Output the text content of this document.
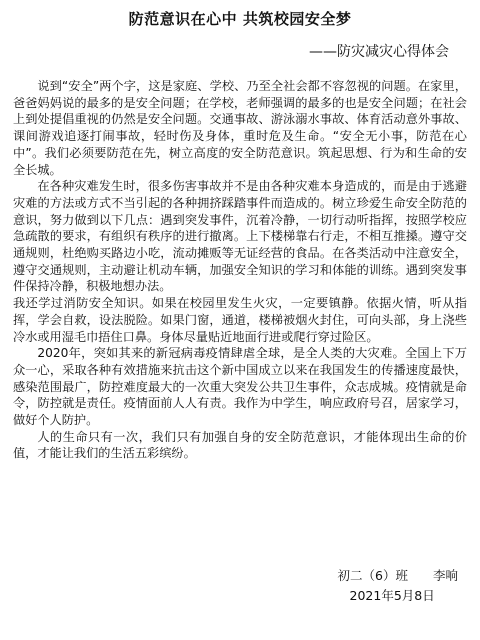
防范意识在心中 共筑校园安全梦
——防灾减灾心得体会

说到“安全”两个字，这是家庭、学校、乃至全社会都不容忽视的问题。在家里，爸爸妈妈说的最多的是安全问题；在学校，老师强调的最多的也是安全问题；在社会上到处提倡重视的仍然是安全问题。交通事故、游泳溺水事故、体育活动意外事故、课间游戏追逐打闹事故，轻时伤及身体，重时危及生命。“安全无小事，防范在心中”。我们必须要防范在先，树立高度的安全防范意识。筑起思想、行为和生命的安全长城。

在各种灾难发生时，很多伤害事故并不是由各种灾难本身造成的，而是由于逃避灾难的方法或方式不当引起的各种拥挤踩踏事件而造成的。树立珍爱生命安全防范的意识，努力做到以下几点：遇到突发事件，沉着冷静，一切行动听指挥，按照学校应急疏散的要求，有组织有秩序的进行撤离。上下楼梯靠右行走，不相互推搡。遵守交通规则，杜绝购买路边小吃，流动摊贩等无证经营的食品。在各类活动中注意安全，遵守交通规则，主动避让机动车辆，加强安全知识的学习和体能的训练。遇到突发事件保持冷静，积极地想办法。

我还学过消防安全知识。如果在校园里发生火灾，一定要镇静。依据火情，听从指挥，学会自救，设法脱险。如果门窗，通道，楼梯被烟火封住，可向头部，身上浇些冷水或用湿毛巾捂住口鼻。身体尽量贴近地面行进或爬行穿过险区。

2020年，突如其来的新冠病毒疫情肆虐全球，是全人类的大灾难。全国上下万众一心，采取各种有效措施来抗击这个新中国成立以来在我国发生的传播速度最快，感染范围最广，防控难度最大的一次重大突发公共卫生事件，众志成城。疫情就是命令，防控就是责任。疫情面前人人有责。我作为中学生，响应政府号召，居家学习，做好个人防护。

人的生命只有一次，我们只有加强自身的安全防范意识，才能体现出生命的价值，才能让我们的生活五彩缤纷。

初二（6）班　　李响
2021年5月8日
